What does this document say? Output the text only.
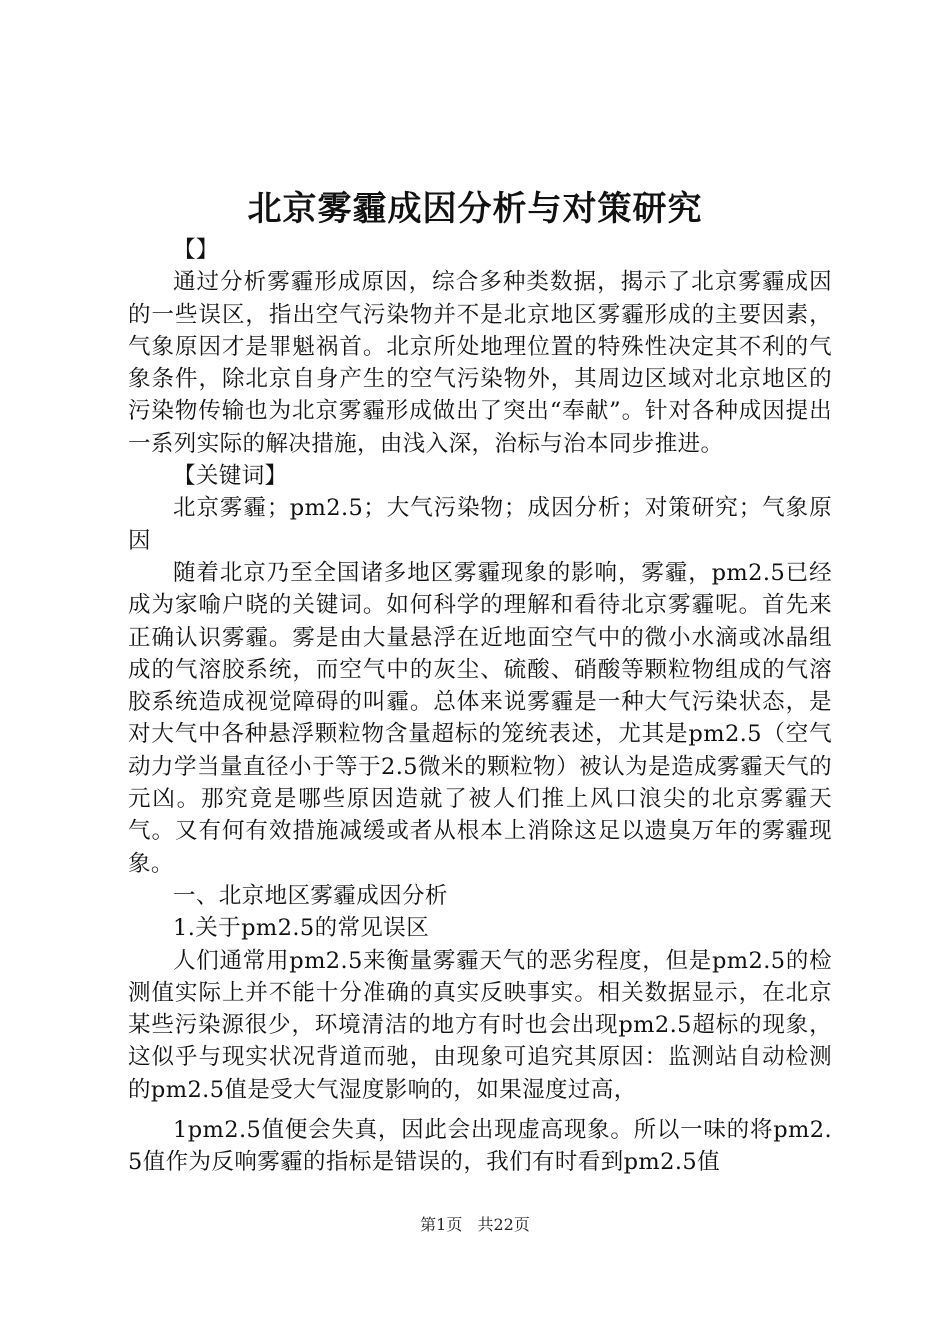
北京雾霾成因分析与对策研究

【】

通过分析雾霾形成原因，综合多种类数据，揭示了北京雾霾成因的一些误区，指出空气污染物并不是北京地区雾霾形成的主要因素，气象原因才是罪魁祸首。北京所处地理位置的特殊性决定其不利的气象条件，除北京自身产生的空气污染物外，其周边区域对北京地区的污染物传输也为北京雾霾形成做出了突出“奉献”。针对各种成因提出一系列实际的解决措施，由浅入深，治标与治本同步推进。

【关键词】

北京雾霾；pm2.5；大气污染物；成因分析；对策研究；气象原因

随着北京乃至全国诸多地区雾霾现象的影响，雾霾，pm2.5已经成为家喻户晓的关键词。如何科学的理解和看待北京雾霾呢。首先来正确认识雾霾。雾是由大量悬浮在近地面空气中的微小水滴或冰晶组成的气溶胶系统，而空气中的灰尘、硫酸、硝酸等颗粒物组成的气溶胶系统造成视觉障碍的叫霾。总体来说雾霾是一种大气污染状态，是对大气中各种悬浮颗粒物含量超标的笼统表述，尤其是pm2.5（空气动力学当量直径小于等于2.5微米的颗粒物）被认为是造成雾霾天气的元凶。那究竟是哪些原因造就了被人们推上风口浪尖的北京雾霾天气。又有何有效措施减缓或者从根本上消除这足以遗臭万年的雾霾现象。

一、北京地区雾霾成因分析

1.关于pm2.5的常见误区

人们通常用pm2.5来衡量雾霾天气的恶劣程度，但是pm2.5的检测值实际上并不能十分准确的真实反映事实。相关数据显示，在北京某些污染源很少，环境清洁的地方有时也会出现pm2.5超标的现象，这似乎与现实状况背道而驰，由现象可追究其原因：监测站自动检测的pm2.5值是受大气湿度影响的，如果湿度过高，

1pm2.5值便会失真，因此会出现虚高现象。所以一味的将pm2.5值作为反响雾霾的指标是错误的，我们有时看到pm2.5值

第1页 共22页
